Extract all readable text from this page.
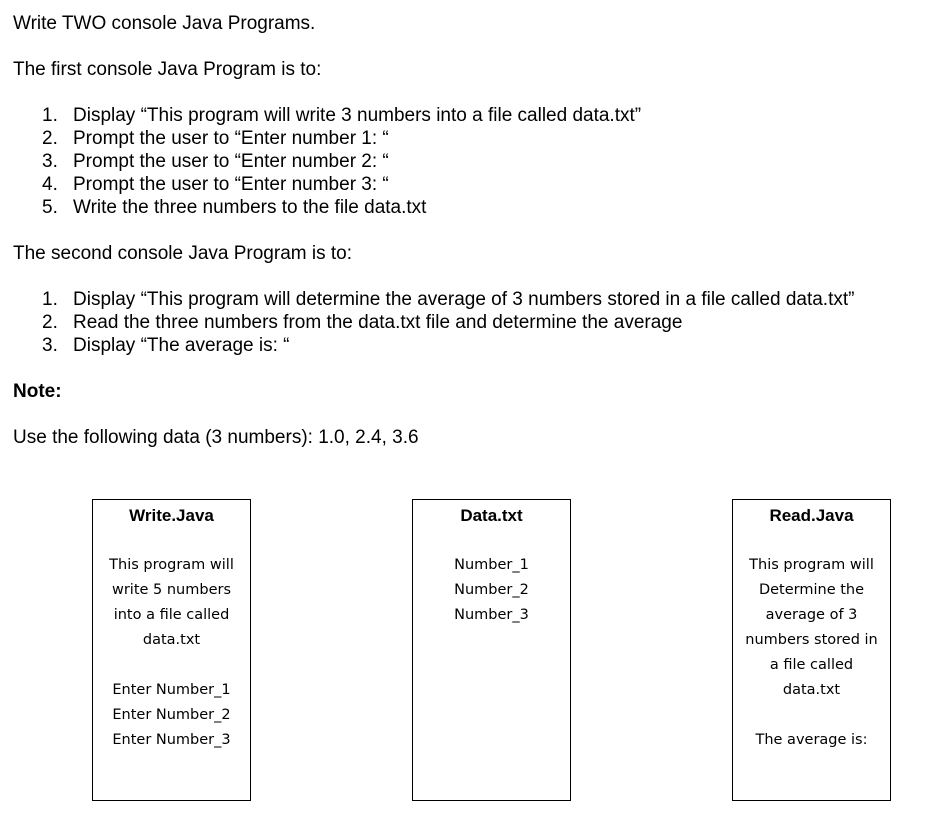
Write TWO console Java Programs.

The first console Java Program is to:

1. Display “This program will write 3 numbers into a file called data.txt”
2. Prompt the user to “Enter number 1: “
3. Prompt the user to “Enter number 2: “
4. Prompt the user to “Enter number 3: “
5. Write the three numbers to the file data.txt

The second console Java Program is to:

1. Display “This program will determine the average of 3 numbers stored in a file called data.txt”
2. Read the three numbers from the data.txt file and determine the average
3. Display “The average is: “

Note:

Use the following data (3 numbers): 1.0, 2.4, 3.6

Write.Java
This program will
write 5 numbers
into a file called
data.txt
Enter Number_1
Enter Number_2
Enter Number_3
Data.txt
Number_1
Number_2
Number_3
Read.Java
This program will
Determine the
average of 3
numbers stored in
a file called
data.txt
The average is:
